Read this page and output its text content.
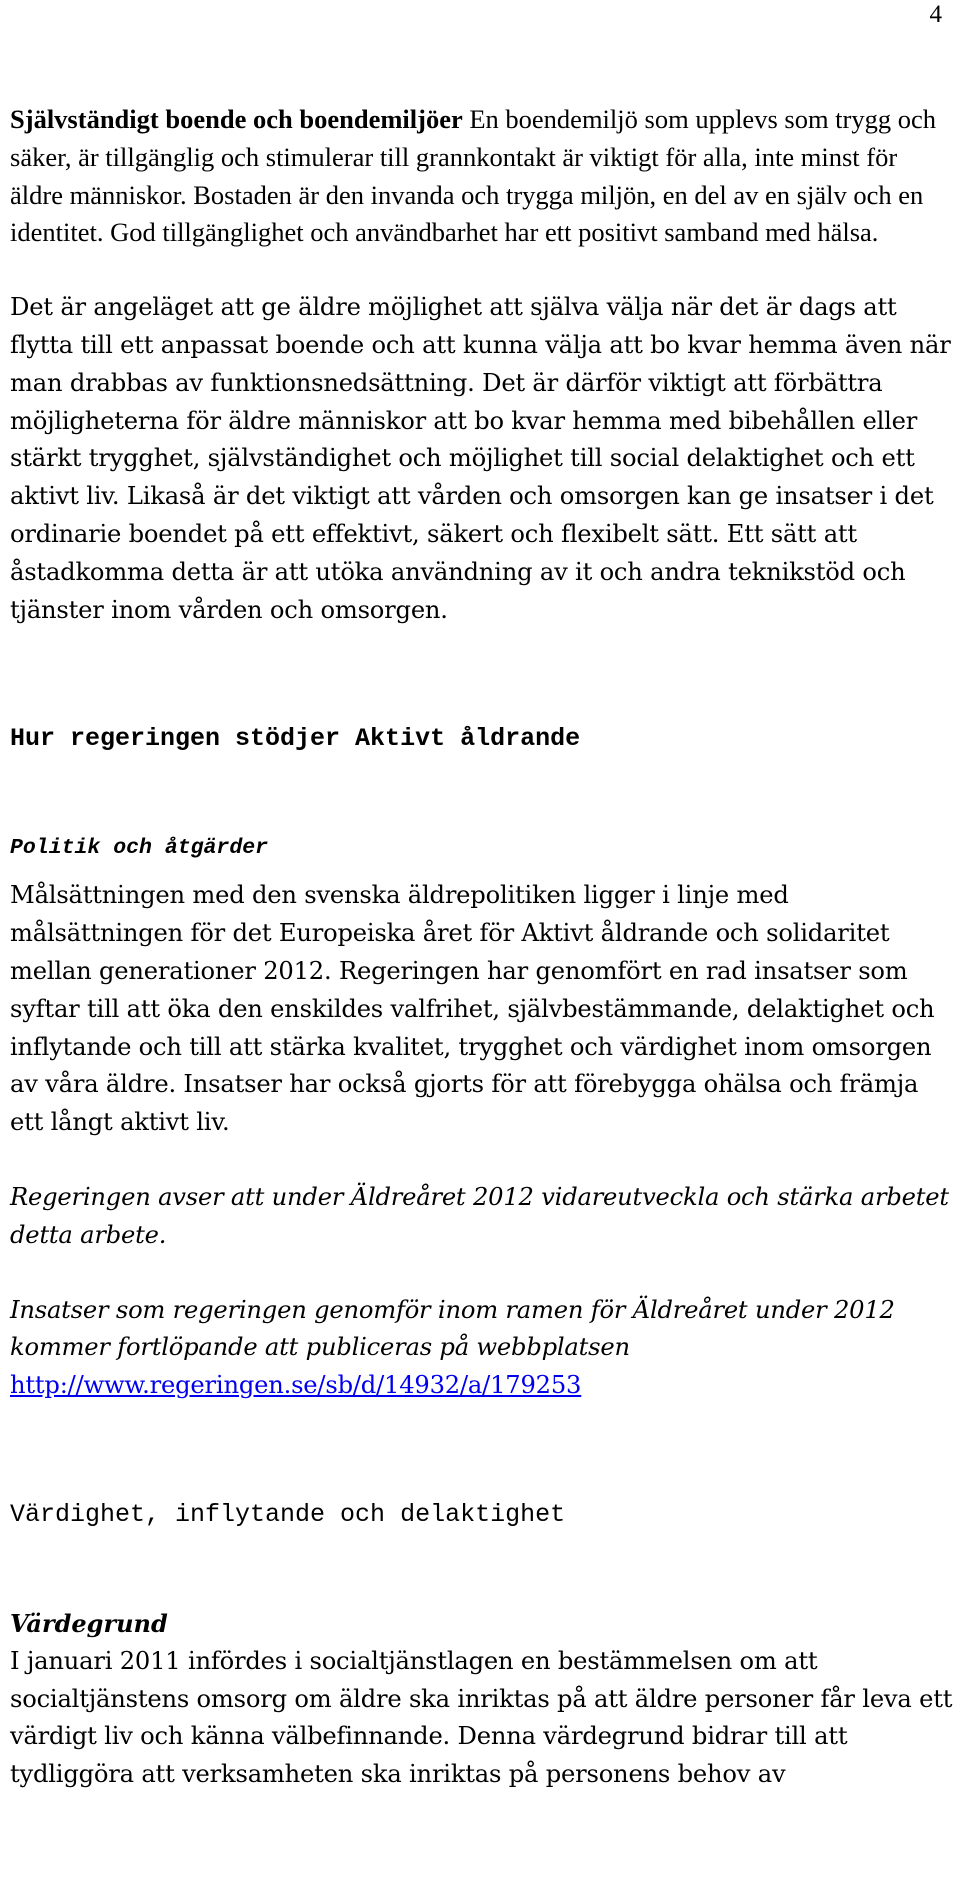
4

Självständigt boende och boendemiljöer En boendemiljö som upplevs som trygg och säker, är tillgänglig och stimulerar till grannkontakt är viktigt för alla, inte minst för äldre människor. Bostaden är den invanda och trygga miljön, en del av en själv och en identitet. God tillgänglighet och användbarhet har ett positivt samband med hälsa.

Det är angeläget att ge äldre möjlighet att själva välja när det är dags att flytta till ett anpassat boende och att kunna välja att bo kvar hemma även när man drabbas av funktionsnedsättning. Det är därför viktigt att förbättra möjligheterna för äldre människor att bo kvar hemma med bibehållen eller stärkt trygghet, självständighet och möjlighet till social delaktighet och ett aktivt liv. Likaså är det viktigt att vården och omsorgen kan ge insatser i det ordinarie boendet på ett effektivt, säkert och flexibelt sätt. Ett sätt att åstadkomma detta är att utöka användning av it och andra teknikstöd och tjänster inom vården och omsorgen.

Hur regeringen stödjer Aktivt åldrande
Politik och åtgärder

Målsättningen med den svenska äldrepolitiken ligger i linje med målsättningen för det Europeiska året för Aktivt åldrande och solidaritet mellan generationer 2012. Regeringen har genomfört en rad insatser som syftar till att öka den enskildes valfrihet, självbestämmande, delaktighet och inflytande och till att stärka kvalitet, trygghet och värdighet inom omsorgen av våra äldre. Insatser har också gjorts för att förebygga ohälsa och främja ett långt aktivt liv.

Regeringen avser att under Äldreåret 2012 vidareutveckla och stärka arbetet detta arbete.

Insatser som regeringen genomför inom ramen för Äldreåret under 2012 kommer fortlöpande att publiceras på webbplatsen
http://www.regeringen.se/sb/d/14932/a/179253

Värdighet, inflytande och delaktighet
Värdegrund

I januari 2011 infördes i socialtjänstlagen en bestämmelsen om att socialtjänstens omsorg om äldre ska inriktas på att äldre personer får leva ett värdigt liv och känna välbefinnande. Denna värdegrund bidrar till att tydliggöra att verksamheten ska inriktas på personens behov av
